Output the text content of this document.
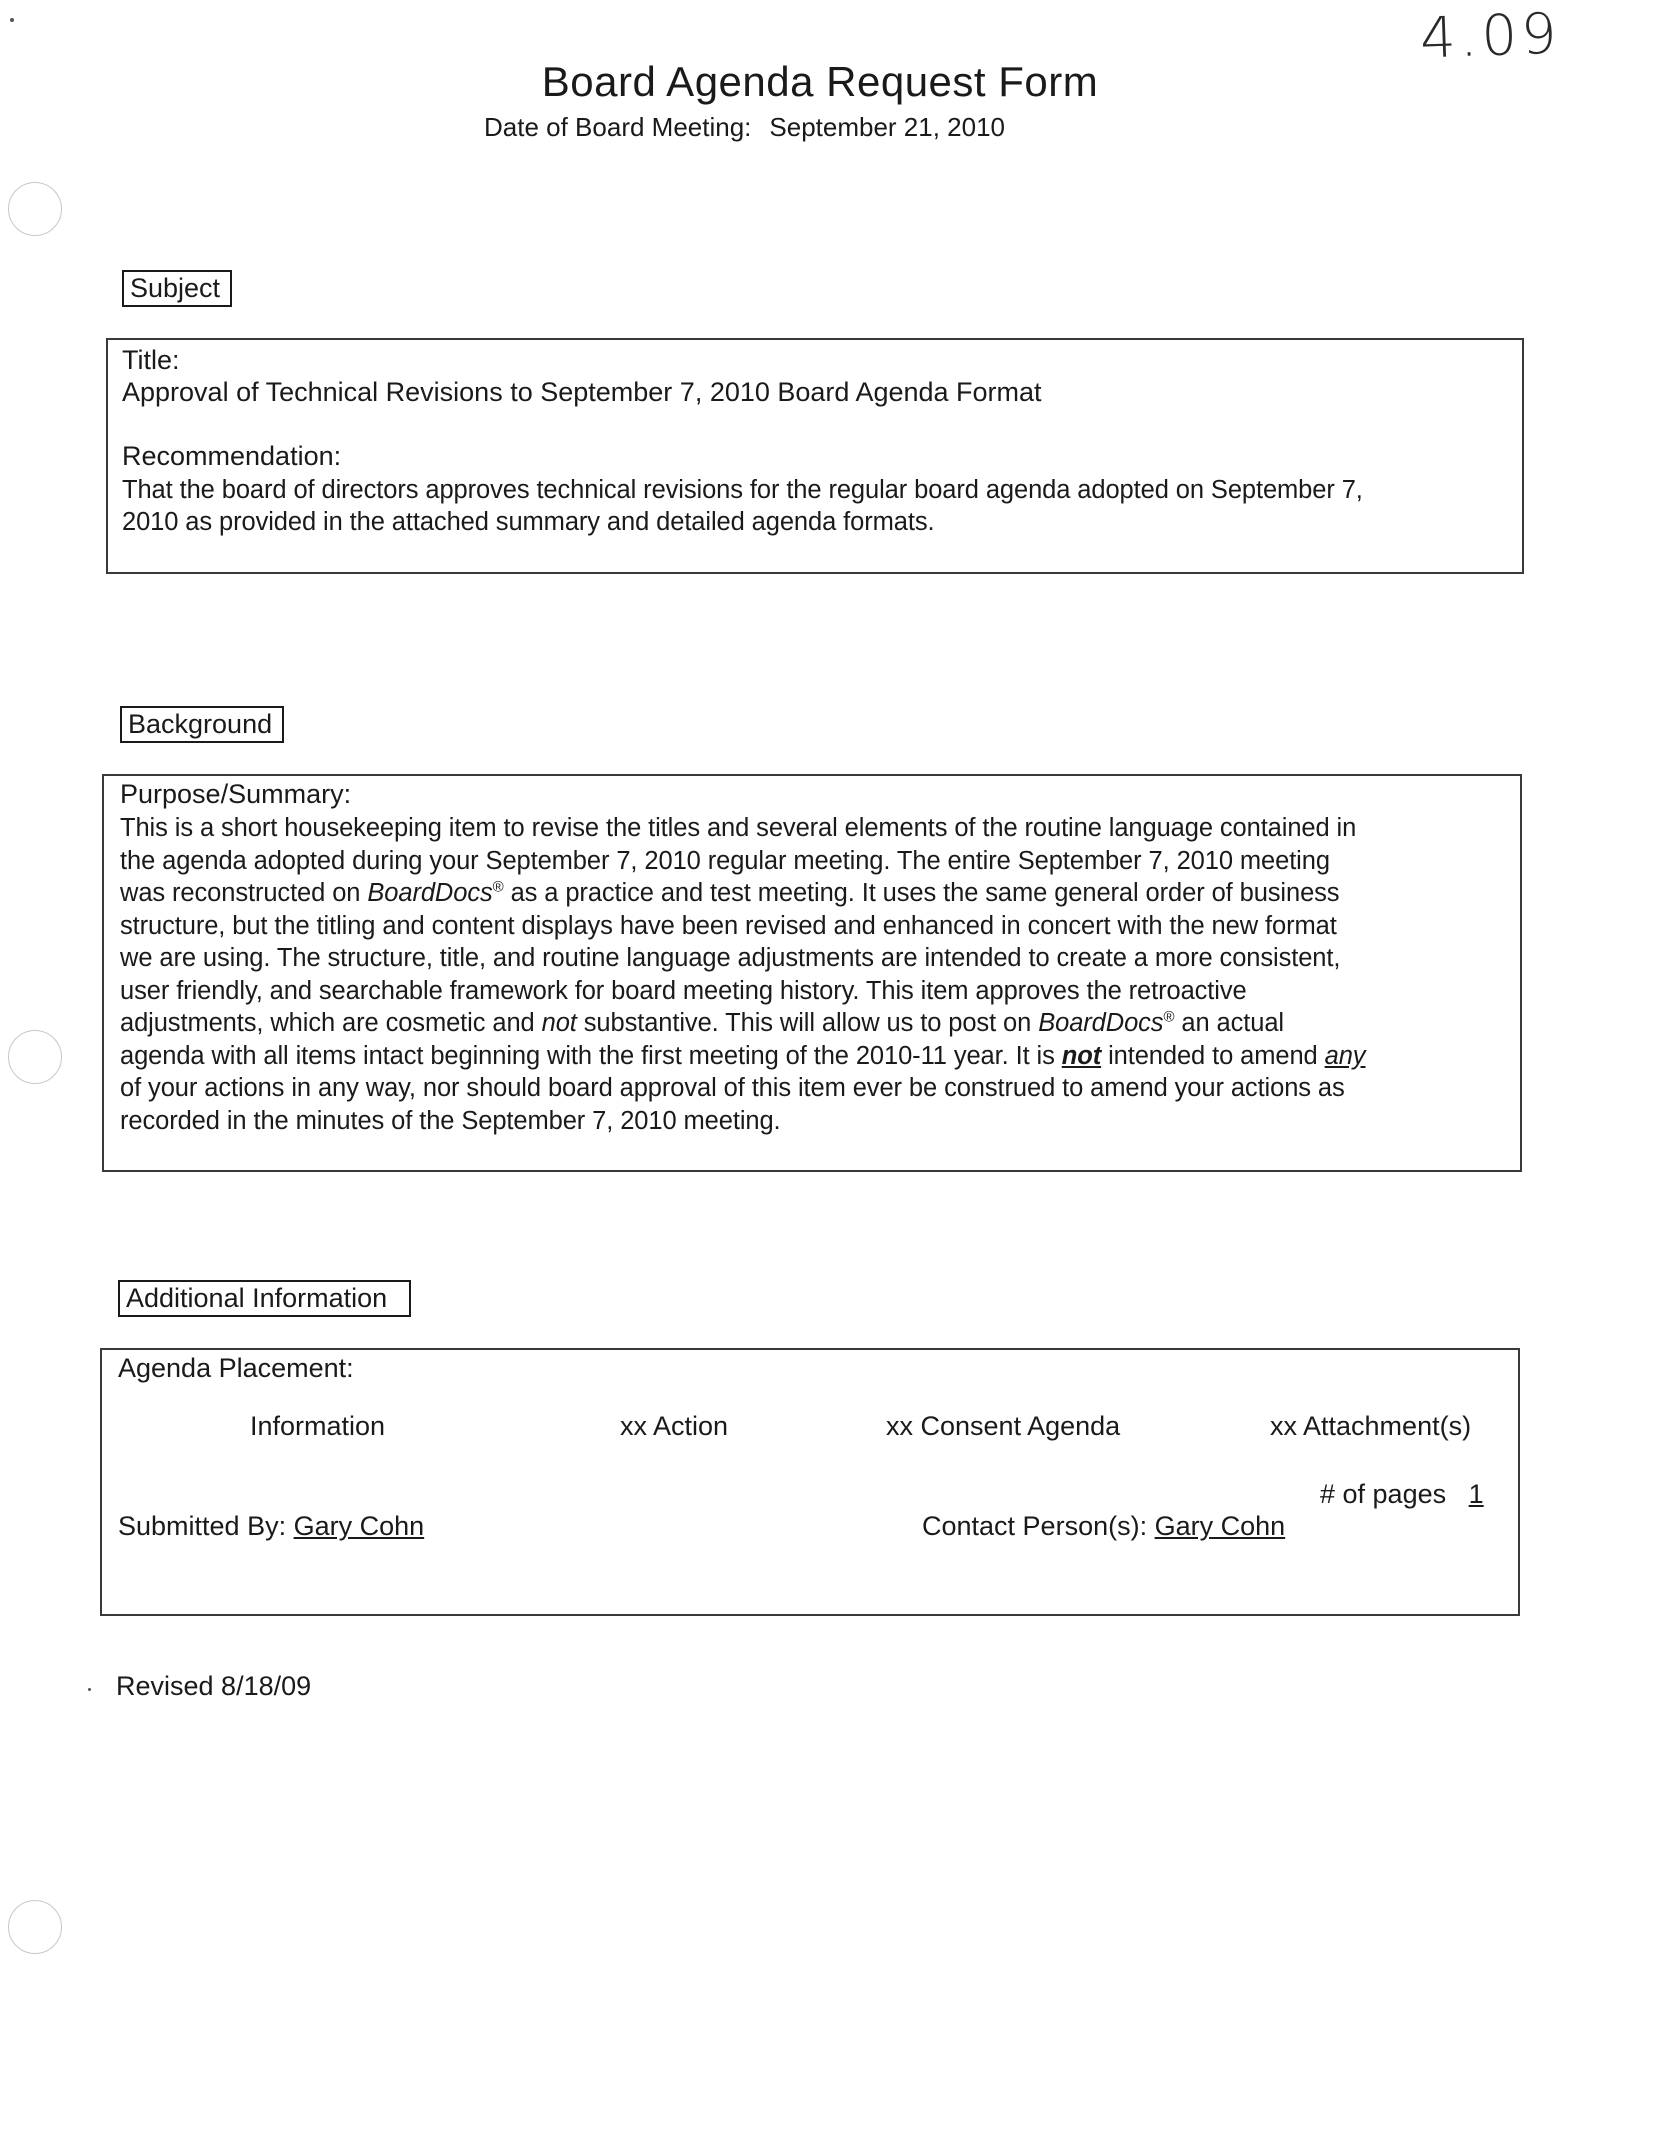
4.09
Board Agenda Request Form
Date of Board Meeting: September 21, 2010
Subject
Title:
Approval of Technical Revisions to September 7, 2010 Board Agenda Format
Recommendation:
That the board of directors approves technical revisions for the regular board agenda adopted on September 7,
2010 as provided in the attached summary and detailed agenda formats.
Background
Purpose/Summary:
This is a short housekeeping item to revise the titles and several elements of the routine language contained in
the agenda adopted during your September 7, 2010 regular meeting. The entire September 7, 2010 meeting
was reconstructed on BoardDocs® as a practice and test meeting. It uses the same general order of business
structure, but the titling and content displays have been revised and enhanced in concert with the new format
we are using. The structure, title, and routine language adjustments are intended to create a more consistent,
user friendly, and searchable framework for board meeting history. This item approves the retroactive
adjustments, which are cosmetic and not substantive. This will allow us to post on BoardDocs® an actual
agenda with all items intact beginning with the first meeting of the 2010-11 year. It is not intended to amend any
of your actions in any way, nor should board approval of this item ever be construed to amend your actions as
recorded in the minutes of the September 7, 2010 meeting.
Additional Information
Agenda Placement:
Information	xx Action	xx Consent Agenda	xx Attachment(s)
# of pages 1
Submitted By: Gary Cohn	Contact Person(s): Gary Cohn
Revised 8/18/09
